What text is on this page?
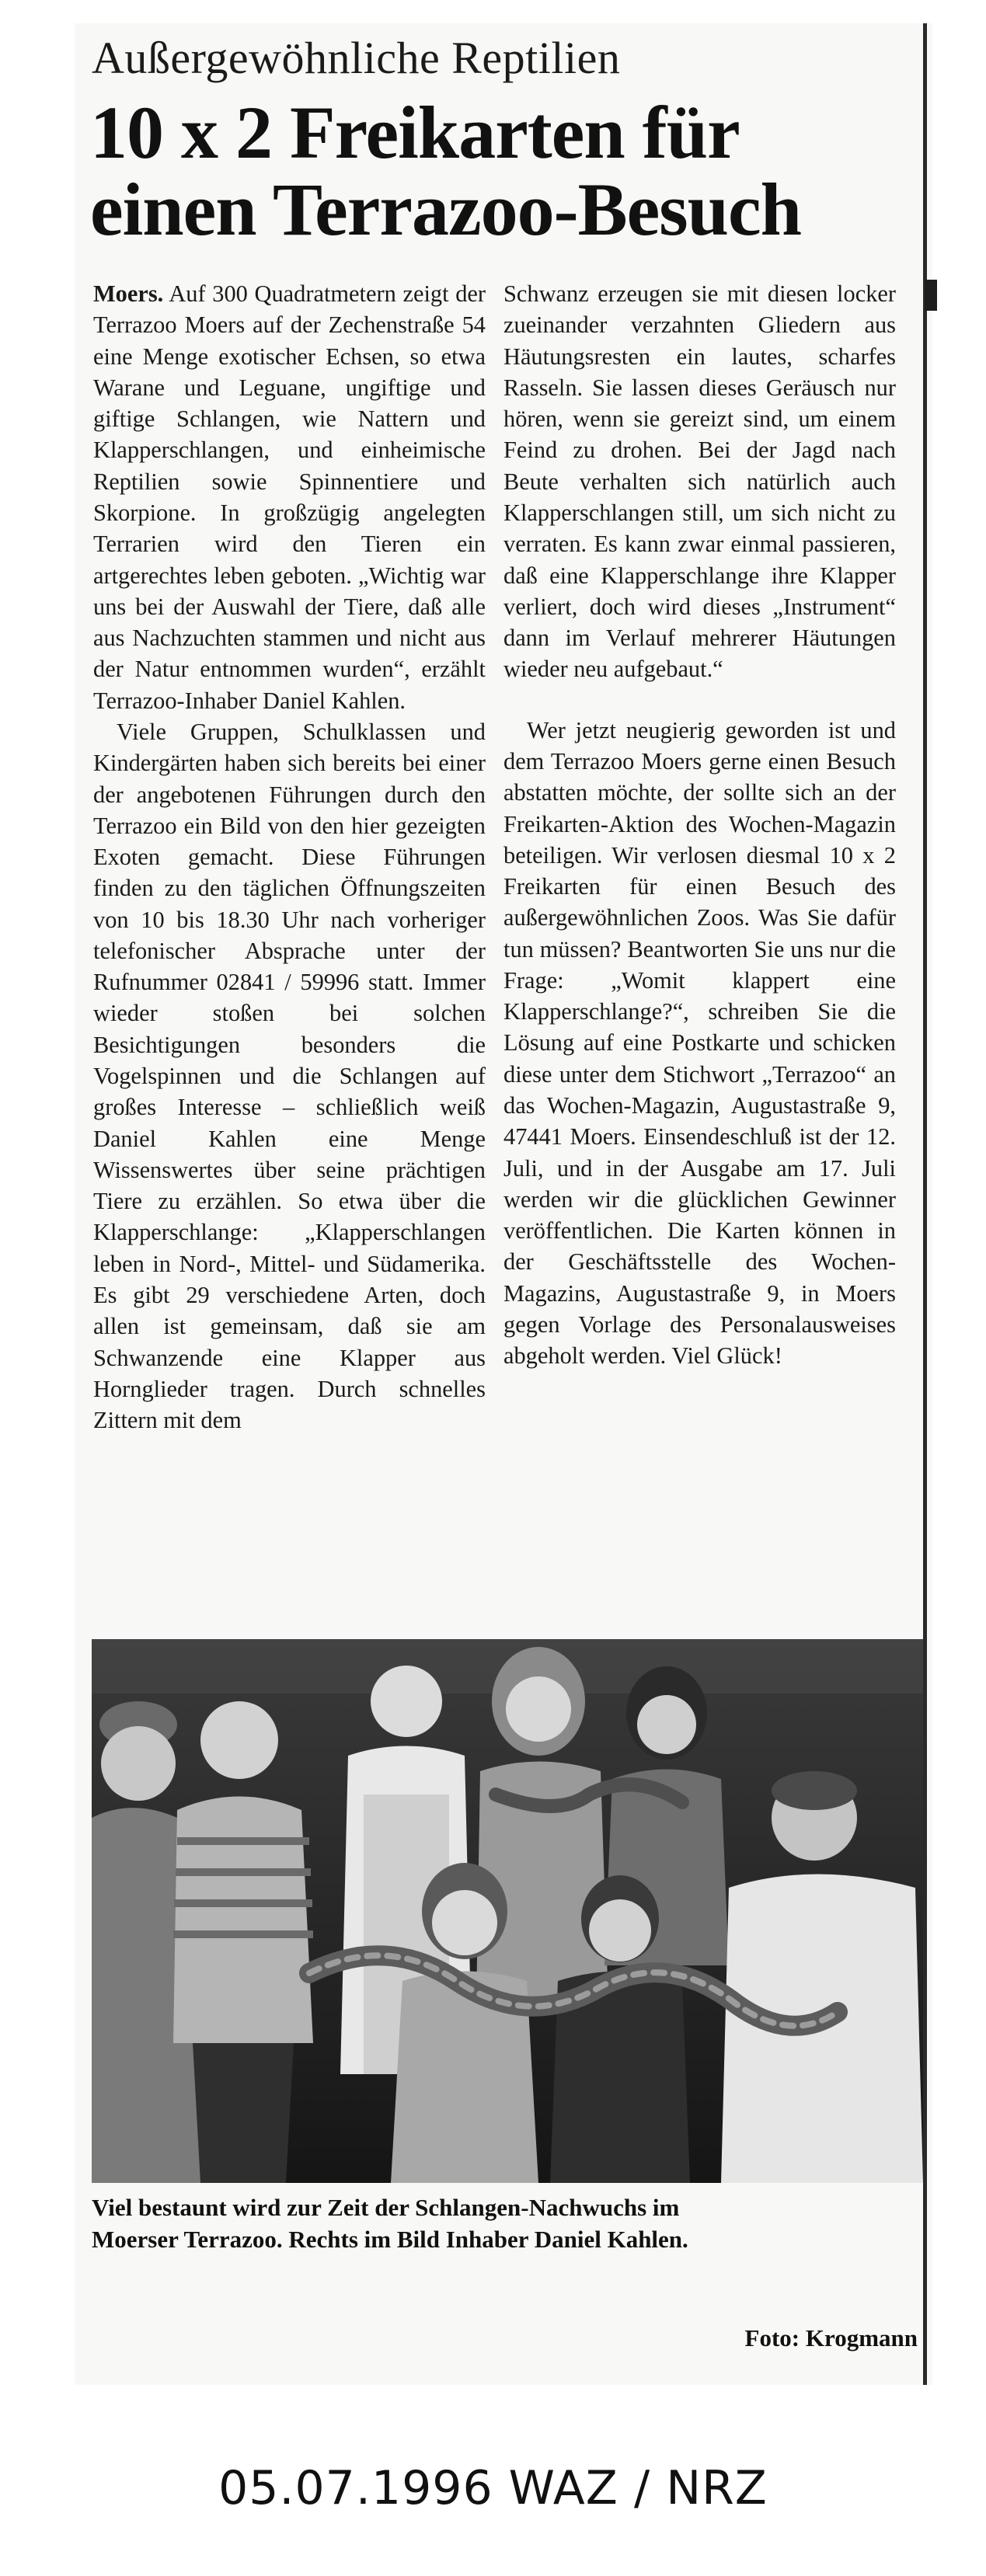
Außergewöhnliche Reptilien
10 x 2 Freikarten für
einen Terrazoo-Besuch

Moers. Auf 300 Quadratmetern zeigt der Terrazoo Moers auf der Zechenstraße 54 eine Menge exotischer Echsen, so etwa Warane und Leguane, ungiftige und giftige Schlangen, wie Nattern und Klapperschlangen, und einheimische Reptilien sowie Spinnentiere und Skorpione. In großzügig angelegten Terrarien wird den Tieren ein artgerechtes leben geboten. „Wichtig war uns bei der Auswahl der Tiere, daß alle aus Nachzuchten stammen und nicht aus der Natur entnommen wurden“, erzählt Terrazoo-Inhaber Daniel Kahlen.

Viele Gruppen, Schulklassen und Kindergärten haben sich bereits bei einer der angebotenen Führungen durch den Terrazoo ein Bild von den hier gezeigten Exoten gemacht. Diese Führungen finden zu den täglichen Öffnungszeiten von 10 bis 18.30 Uhr nach vorheriger telefonischer Absprache unter der Rufnummer 02841 / 59996 statt. Immer wieder stoßen bei solchen Besichtigungen besonders die Vogelspinnen und die Schlangen auf großes Interesse – schließlich weiß Daniel Kahlen eine Menge Wissenswertes über seine prächtigen Tiere zu erzählen. So etwa über die Klapperschlange: „Klapperschlangen leben in Nord-, Mittel- und Südamerika. Es gibt 29 verschiedene Arten, doch allen ist gemeinsam, daß sie am Schwanzende eine Klapper aus Hornglieder tragen. Durch schnelles Zittern mit dem

Schwanz erzeugen sie mit diesen locker zueinander verzahnten Gliedern aus Häutungsresten ein lautes, scharfes Rasseln. Sie lassen dieses Geräusch nur hören, wenn sie gereizt sind, um einem Feind zu drohen. Bei der Jagd nach Beute verhalten sich natürlich auch Klapperschlangen still, um sich nicht zu verraten. Es kann zwar einmal passieren, daß eine Klapperschlange ihre Klapper verliert, doch wird dieses „Instrument“ dann im Verlauf mehrerer Häutungen wieder neu aufgebaut.“

Wer jetzt neugierig geworden ist und dem Terrazoo Moers gerne einen Besuch abstatten möchte, der sollte sich an der Freikarten-Aktion des Wochen-Magazin beteiligen. Wir verlosen diesmal 10 x 2 Freikarten für einen Besuch des außergewöhnlichen Zoos. Was Sie dafür tun müssen? Beantworten Sie uns nur die Frage: „Womit klappert eine Klapperschlange?“, schreiben Sie die Lösung auf eine Postkarte und schicken diese unter dem Stichwort „Terrazoo“ an das Wochen-Magazin, Augustastraße 9, 47441 Moers. Einsendeschluß ist der 12. Juli, und in der Ausgabe am 17. Juli werden wir die glücklichen Gewinner veröffentlichen. Die Karten können in der Geschäftsstelle des Wochen-Magazins, Augustastraße 9, in Moers gegen Vorlage des Personalausweises abgeholt werden. Viel Glück!

Viel bestaunt wird zur Zeit der Schlangen-Nachwuchs im
Moerser Terrazoo. Rechts im Bild Inhaber Daniel Kahlen.
Foto: Krogmann
05.07.1996 WAZ / NRZ
